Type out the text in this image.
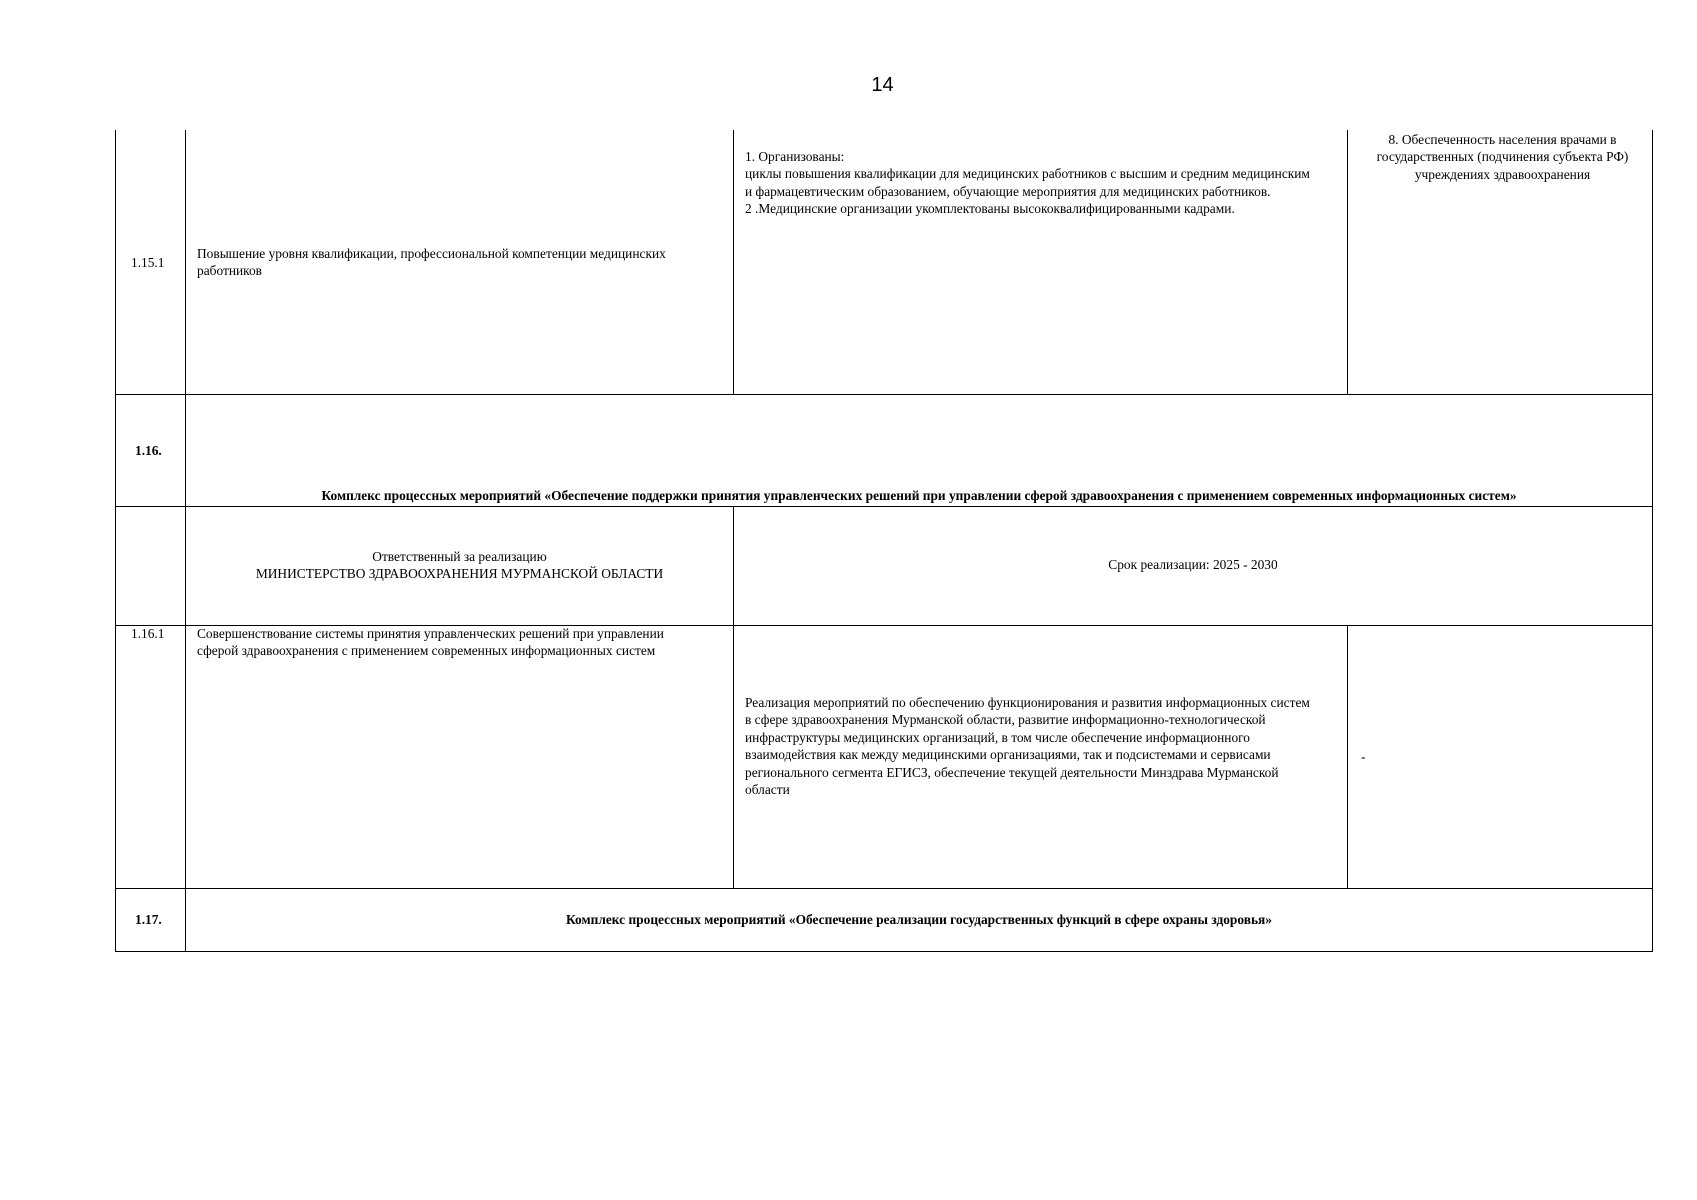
14
1.15.1
Повышение уровня квалификации, профессиональной компетенции медицинских работников
1. Организованы:
циклы повышения квалификации для медицинских работников с высшим и средним медицинским и фармацевтическим образованием, обучающие мероприятия для медицинских работников.
2 .Медицинские организации укомплектованы высококвалифицированными кадрами.
8. Обеспеченность населения врачами в государственных (подчинения субъекта РФ) учреждениях здравоохранения
1.16.
Комплекс процессных мероприятий «Обеспечение поддержки принятия управленческих решений при управлении сферой здравоохранения с применением современных информационных систем»
Ответственный за реализацию
МИНИСТЕРСТВО ЗДРАВООХРАНЕНИЯ МУРМАНСКОЙ ОБЛАСТИ
Срок реализации: 2025 - 2030
1.16.1	Совершенствование системы принятия управленческих решений при управлении сферой здравоохранения с применением современных информационных систем
Реализация мероприятий по обеспечению функционирования и развития информационных систем в сфере здравоохранения Мурманской области, развитие информационно-технологической инфраструктуры медицинских организаций, в том числе обеспечение информационного взаимодействия как между медицинскими организациями, так и подсистемами и сервисами регионального сегмента ЕГИСЗ, обеспечение текущей деятельности Минздрава Мурманской области
-
1.17.	Комплекс процессных мероприятий «Обеспечение реализации государственных функций в сфере охраны здоровья»
